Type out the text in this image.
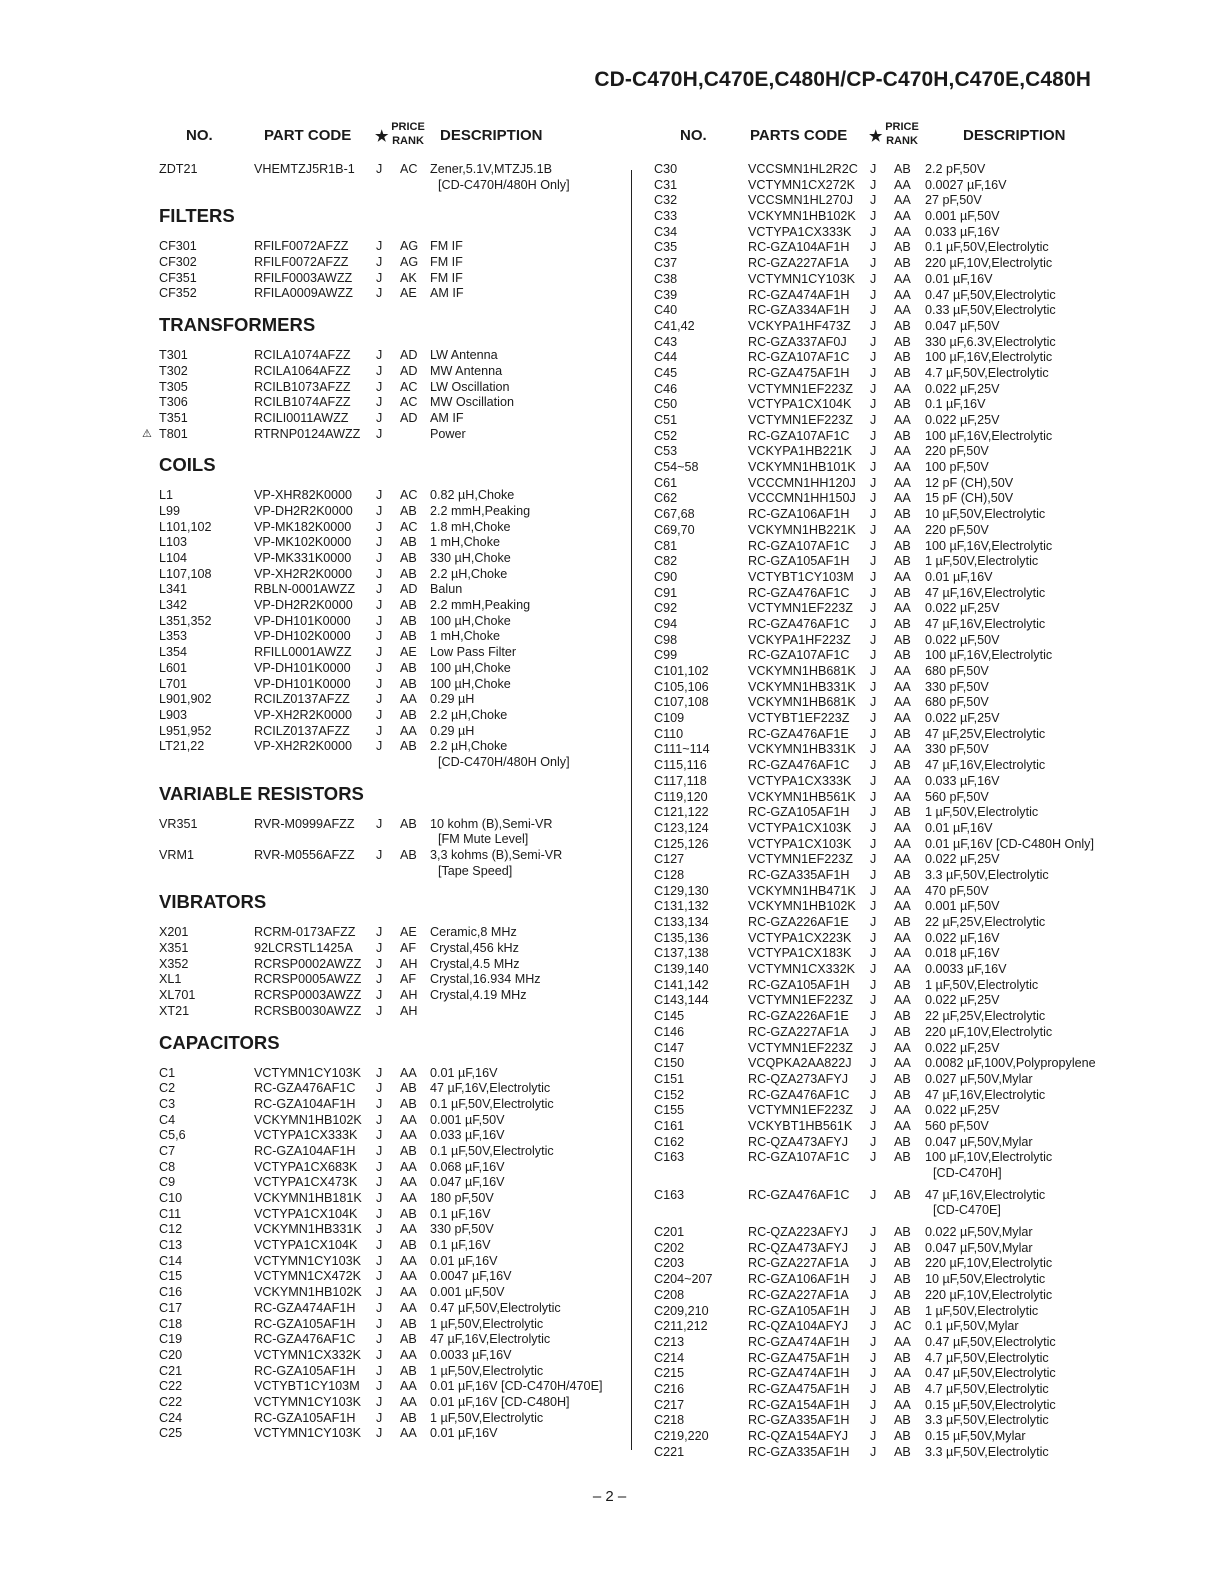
CD-C470H,C470E,C480H/CP-C470H,C470E,C480H
NO.	PART CODE ★
PRICE RANK DESCRIPTION
ZDT21	VHEMTZJ5R1B-1 J AC Zener,5.1V,MTZJ5.1B
[CD-C470H/480H Only]
FILTERS
CF301	RFILF0072AFZZ J AG FM IF
CF302	RFILF0072AFZZ J AG FM IF
CF351	RFILF0003AWZZ J AK FM IF
CF352	RFILA0009AWZZ J AE AM IF
TRANSFORMERS
T301	RCILA1074AFZZ J AD LW Antenna
T302	RCILA1064AFZZ J AD MW Antenna
T305	RCILB1073AFZZ J AC LW Oscillation
T306	RCILB1074AFZZ J AC MW Oscillation
T351	RCILI0011AWZZ J AD AM IF
⚠ T801	RTRNP0124AWZZ J	Power
COILS
L1	VP-XHR82K0000 J AC 0.82 µH,Choke
L99	VP-DH2R2K0000 J AB 2.2 mmH,Peaking
L101,102	VP-MK182K0000 J AC 1.8 mH,Choke
L103	VP-MK102K0000 J AB 1 mH,Choke
L104	VP-MK331K0000 J AB 330 µH,Choke
L107,108	VP-XH2R2K0000 J AB 2.2 µH,Choke
L341	RBLN-0001AWZZ J AD Balun
L342	VP-DH2R2K0000 J AB 2.2 mmH,Peaking
L351,352	VP-DH101K0000 J AB 100 µH,Choke
L353	VP-DH102K0000 J AB 1 mH,Choke
L354	RFILL0001AWZZ J AE Low Pass Filter
L601	VP-DH101K0000 J AB 100 µH,Choke
L701	VP-DH101K0000 J AB 100 µH,Choke
L901,902	RCILZ0137AFZZ J AA 0.29 µH
L903	VP-XH2R2K0000 J AB 2.2 µH,Choke
L951,952	RCILZ0137AFZZ J AA 0.29 µH
LT21,22	VP-XH2R2K0000 J AB 2.2 µH,Choke
[CD-C470H/480H Only]
VARIABLE RESISTORS
VR351	RVR-M0999AFZZ J AB 10 kohm (B),Semi-VR
[FM Mute Level]
VRM1	RVR-M0556AFZZ J AB 3,3 kohms (B),Semi-VR
[Tape Speed]
VIBRATORS
X201	RCRM-0173AFZZ J AE Ceramic,8 MHz
X351	92LCRSTL1425A J AF Crystal,456 kHz
X352	RCRSP0002AWZZ J AH Crystal,4.5 MHz
XL1	RCRSP0005AWZZ J AF Crystal,16.934 MHz
XL701	RCRSP0003AWZZ J AH Crystal,4.19 MHz
XT21	RCRSB0030AWZZ J AH
CAPACITORS
C1	VCTYMN1CY103K J AA 0.01 µF,16V
C2	RC-GZA476AF1C J AB 47 µF,16V,Electrolytic
C3	RC-GZA104AF1H J AB 0.1 µF,50V,Electrolytic
C4	VCKYMN1HB102K J AA 0.001 µF,50V
C5,6	VCTYPA1CX333K J AA 0.033 µF,16V
C7	RC-GZA104AF1H J AB 0.1 µF,50V,Electrolytic
C8	VCTYPA1CX683K J AA 0.068 µF,16V
C9	VCTYPA1CX473K J AA 0.047 µF,16V
C10	VCKYMN1HB181K J AA 180 pF,50V
C11	VCTYPA1CX104K J AB 0.1 µF,16V
C12	VCKYMN1HB331K J AA 330 pF,50V
C13	VCTYPA1CX104K J AB 0.1 µF,16V
C14	VCTYMN1CY103K J AA 0.01 µF,16V
C15	VCTYMN1CX472K J AA 0.0047 µF,16V
C16	VCKYMN1HB102K J AA 0.001 µF,50V
C17	RC-GZA474AF1H J AA 0.47 µF,50V,Electrolytic
C18	RC-GZA105AF1H J AB 1 µF,50V,Electrolytic
C19	RC-GZA476AF1C J AB 47 µF,16V,Electrolytic
C20	VCTYMN1CX332K J AA 0.0033 µF,16V
C21	RC-GZA105AF1H J AB 1 µF,50V,Electrolytic
C22	VCTYBT1CY103M J AA 0.01 µF,16V [CD-C470H/470E]
C22	VCTYMN1CY103K J AA 0.01 µF,16V [CD-C480H]
C24	RC-GZA105AF1H J AB 1 µF,50V,Electrolytic
C25	VCTYMN1CY103K J AA 0.01 µF,16V
NO.	PARTS CODE ★
PRICE RANK	DESCRIPTION
C30	VCCSMN1HL2R2C J AB 2.2 pF,50V
C31	VCTYMN1CX272K J AA 0.0027 µF,16V
C32	VCCSMN1HL270J J AA 27 pF,50V
C33	VCKYMN1HB102K J AA 0.001 µF,50V
C34	VCTYPA1CX333K J AA 0.033 µF,16V
C35	RC-GZA104AF1H J AB 0.1 µF,50V,Electrolytic
C37	RC-GZA227AF1A J AB 220 µF,10V,Electrolytic
C38	VCTYMN1CY103K J AA 0.01 µF,16V
C39	RC-GZA474AF1H J AA 0.47 µF,50V,Electrolytic
C40	RC-GZA334AF1H J AA 0.33 µF,50V,Electrolytic
C41,42	VCKYPA1HF473Z J AB 0.047 µF,50V
C43	RC-GZA337AF0J J AB 330 µF,6.3V,Electrolytic
C44	RC-GZA107AF1C J AB 100 µF,16V,Electrolytic
C45	RC-GZA475AF1H J AB 4.7 µF,50V,Electrolytic
C46	VCTYMN1EF223Z J AA 0.022 µF,25V
C50	VCTYPA1CX104K J AB 0.1 µF,16V
C51	VCTYMN1EF223Z J AA 0.022 µF,25V
C52	RC-GZA107AF1C J AB 100 µF,16V,Electrolytic
C53	VCKYPA1HB221K J AA 220 pF,50V
C54~58	VCKYMN1HB101K J AA 100 pF,50V
C61	VCCCMN1HH120J J AA 12 pF (CH),50V
C62	VCCCMN1HH150J J AA 15 pF (CH),50V
C67,68	RC-GZA106AF1H J AB 10 µF,50V,Electrolytic
C69,70	VCKYMN1HB221K J AA 220 pF,50V
C81	RC-GZA107AF1C J AB 100 µF,16V,Electrolytic
C82	RC-GZA105AF1H J AB 1 µF,50V,Electrolytic
C90	VCTYBT1CY103M J AA 0.01 µF,16V
C91	RC-GZA476AF1C J AB 47 µF,16V,Electrolytic
C92	VCTYMN1EF223Z J AA 0.022 µF,25V
C94	RC-GZA476AF1C J AB 47 µF,16V,Electrolytic
C98	VCKYPA1HF223Z J AB 0.022 µF,50V
C99	RC-GZA107AF1C J AB 100 µF,16V,Electrolytic
C101,102	VCKYMN1HB681K J AA 680 pF,50V
C105,106	VCKYMN1HB331K J AA 330 pF,50V
C107,108	VCKYMN1HB681K J AA 680 pF,50V
C109	VCTYBT1EF223Z J AA 0.022 µF,25V
C110	RC-GZA476AF1E J AB 47 µF,25V,Electrolytic
C111~114	VCKYMN1HB331K J AA 330 pF,50V
C115,116	RC-GZA476AF1C J AB 47 µF,16V,Electrolytic
C117,118	VCTYPA1CX333K J AA 0.033 µF,16V
C119,120	VCKYMN1HB561K J AA 560 pF,50V
C121,122	RC-GZA105AF1H J AB 1 µF,50V,Electrolytic
C123,124	VCTYPA1CX103K J AA 0.01 µF,16V
C125,126	VCTYPA1CX103K J AA 0.01 µF,16V [CD-C480H Only]
C127	VCTYMN1EF223Z J AA 0.022 µF,25V
C128	RC-GZA335AF1H J AB 3.3 µF,50V,Electrolytic
C129,130	VCKYMN1HB471K J AA 470 pF,50V
C131,132	VCKYMN1HB102K J AA 0.001 µF,50V
C133,134	RC-GZA226AF1E J AB 22 µF,25V,Electrolytic
C135,136	VCTYPA1CX223K J AA 0.022 µF,16V
C137,138	VCTYPA1CX183K J AA 0.018 µF,16V
C139,140	VCTYMN1CX332K J AA 0.0033 µF,16V
C141,142	RC-GZA105AF1H J AB 1 µF,50V,Electrolytic
C143,144	VCTYMN1EF223Z J AA 0.022 µF,25V
C145	RC-GZA226AF1E J AB 22 µF,25V,Electrolytic
C146	RC-GZA227AF1A J AB 220 µF,10V,Electrolytic
C147	VCTYMN1EF223Z J AA 0.022 µF,25V
C150	VCQPKA2AA822J J AA 0.0082 µF,100V,Polypropylene
C151	RC-QZA273AFYJ J AB 0.027 µF,50V,Mylar
C152	RC-GZA476AF1C J AB 47 µF,16V,Electrolytic
C155	VCTYMN1EF223Z J AA 0.022 µF,25V
C161	VCKYBT1HB561K J AA 560 pF,50V
C162	RC-QZA473AFYJ J AB 0.047 µF,50V,Mylar
C163	RC-GZA107AF1C J AB 100 µF,10V,Electrolytic
[CD-C470H]
C163	RC-GZA476AF1C J AB 47 µF,16V,Electrolytic
[CD-C470E]
C201	RC-QZA223AFYJ J AB 0.022 µF,50V,Mylar
C202	RC-QZA473AFYJ J AB 0.047 µF,50V,Mylar
C203	RC-GZA227AF1A J AB 220 µF,10V,Electrolytic
C204~207	RC-GZA106AF1H J AB 10 µF,50V,Electrolytic
C208	RC-GZA227AF1A J AB 220 µF,10V,Electrolytic
C209,210	RC-GZA105AF1H J AB 1 µF,50V,Electrolytic
C211,212	RC-QZA104AFYJ J AC 0.1 µF,50V,Mylar
C213	RC-GZA474AF1H J AA 0.47 µF,50V,Electrolytic
C214	RC-GZA475AF1H J AB 4.7 µF,50V,Electrolytic
C215	RC-GZA474AF1H J AA 0.47 µF,50V,Electrolytic
C216	RC-GZA475AF1H J AB 4.7 µF,50V,Electrolytic
C217	RC-GZA154AF1H J AA 0.15 µF,50V,Electrolytic
C218	RC-GZA335AF1H J AB 3.3 µF,50V,Electrolytic
C219,220	RC-QZA154AFYJ J AB 0.15 µF,50V,Mylar
C221	RC-GZA335AF1H J AB 3.3 µF,50V,Electrolytic
– 2 –
